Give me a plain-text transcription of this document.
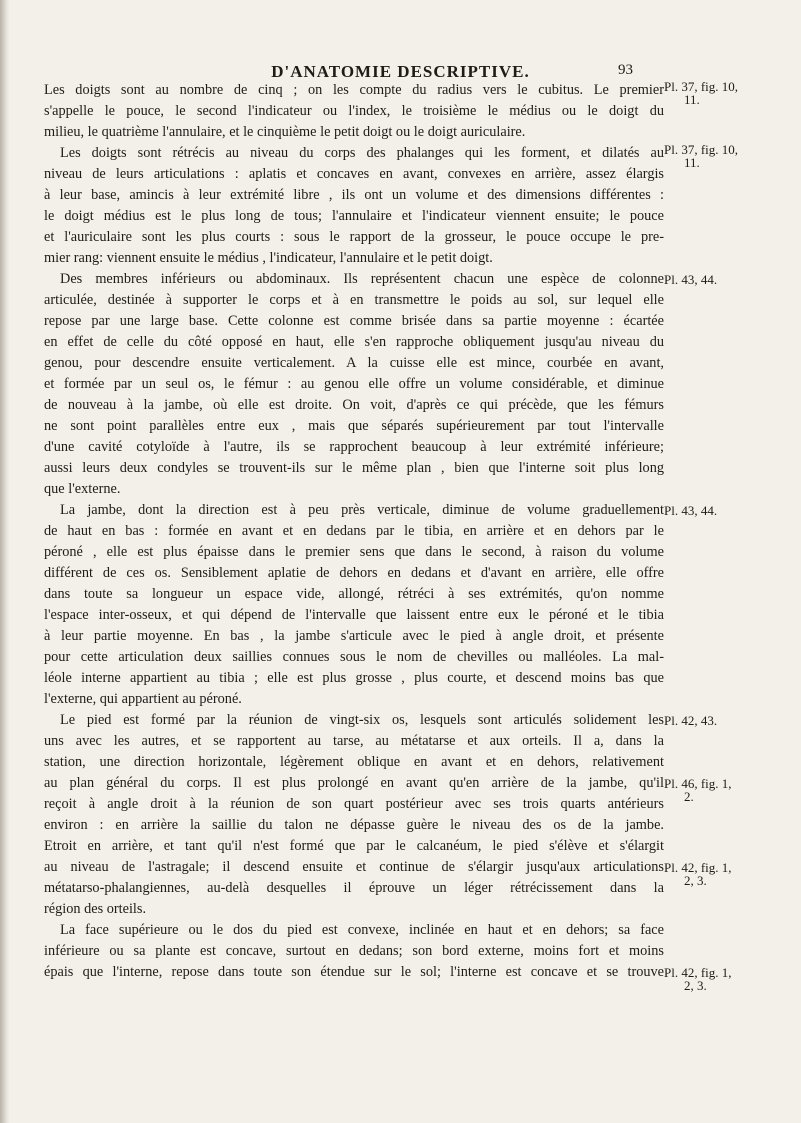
D'ANATOMIE DESCRIPTIVE.	93
Les doigts sont au nombre de cinq ; on les compte du radius vers le cubitus. Le premier
s'appelle le pouce, le second l'indicateur ou l'index, le troisième le médius ou le doigt du
milieu, le quatrième l'annulaire, et le cinquième le petit doigt ou le doigt auriculaire.
Les doigts sont rétrécis au niveau du corps des phalanges qui les forment, et dilatés au
niveau de leurs articulations : aplatis et concaves en avant, convexes en arrière, assez élargis
à leur base, amincis à leur extrémité libre , ils ont un volume et des dimensions différentes :
le doigt médius est le plus long de tous; l'annulaire et l'indicateur viennent ensuite; le pouce
et l'auriculaire sont les plus courts : sous le rapport de la grosseur, le pouce occupe le pre-
mier rang: viennent ensuite le médius , l'indicateur, l'annulaire et le petit doigt.
Des membres inférieurs ou abdominaux. Ils représentent chacun une espèce de colonne
articulée, destinée à supporter le corps et à en transmettre le poids au sol, sur lequel elle
repose par une large base. Cette colonne est comme brisée dans sa partie moyenne : écartée
en effet de celle du côté opposé en haut, elle s'en rapproche obliquement jusqu'au niveau du
genou, pour descendre ensuite verticalement. A la cuisse elle est mince, courbée en avant,
et formée par un seul os, le fémur : au genou elle offre un volume considérable, et diminue
de nouveau à la jambe, où elle est droite. On voit, d'après ce qui précède, que les fémurs
ne sont point parallèles entre eux , mais que séparés supérieurement par tout l'intervalle
d'une cavité cotyloïde à l'autre, ils se rapprochent beaucoup à leur extrémité inférieure;
aussi leurs deux condyles se trouvent-ils sur le même plan , bien que l'interne soit plus long
que l'externe.
La jambe, dont la direction est à peu près verticale, diminue de volume graduellement
de haut en bas : formée en avant et en dedans par le tibia, en arrière et en dehors par le
péroné , elle est plus épaisse dans le premier sens que dans le second, à raison du volume
différent de ces os. Sensiblement aplatie de dehors en dedans et d'avant en arrière, elle offre
dans toute sa longueur un espace vide, allongé, rétréci à ses extrémités, qu'on nomme
l'espace inter-osseux, et qui dépend de l'intervalle que laissent entre eux le péroné et le tibia
à leur partie moyenne. En bas , la jambe s'articule avec le pied à angle droit, et présente
pour cette articulation deux saillies connues sous le nom de chevilles ou malléoles. La mal-
léole interne appartient au tibia ; elle est plus grosse , plus courte, et descend moins bas que
l'externe, qui appartient au péroné.
Le pied est formé par la réunion de vingt-six os, lesquels sont articulés solidement les
uns avec les autres, et se rapportent au tarse, au métatarse et aux orteils. Il a, dans la
station, une direction horizontale, légèrement oblique en avant et en dehors, relativement
au plan général du corps. Il est plus prolongé en avant qu'en arrière de la jambe, qu'il
reçoit à angle droit à la réunion de son quart postérieur avec ses trois quarts antérieurs
environ : en arrière la saillie du talon ne dépasse guère le niveau des os de la jambe.
Etroit en arrière, et tant qu'il n'est formé que par le calcanéum, le pied s'élève et s'élargit
au niveau de l'astragale; il descend ensuite et continue de s'élargir jusqu'aux articulations
métatarso-phalangiennes, au-delà desquelles il éprouve un léger rétrécissement dans la
région des orteils.
La face supérieure ou le dos du pied est convexe, inclinée en haut et en dehors; sa face
inférieure ou sa plante est concave, surtout en dedans; son bord externe, moins fort et moins
épais que l'interne, repose dans toute son étendue sur le sol; l'interne est concave et se trouve
Pl. 37, fig. 10,
11.
Pl. 37, fig. 10,
11.
Pl. 43, 44.
Pl. 43, 44.
Pl. 42, 43.
Pl. 46, fig. 1,
2.
Pl. 42, fig. 1,
2, 3.
Pl. 42, fig. 1,
2, 3.
